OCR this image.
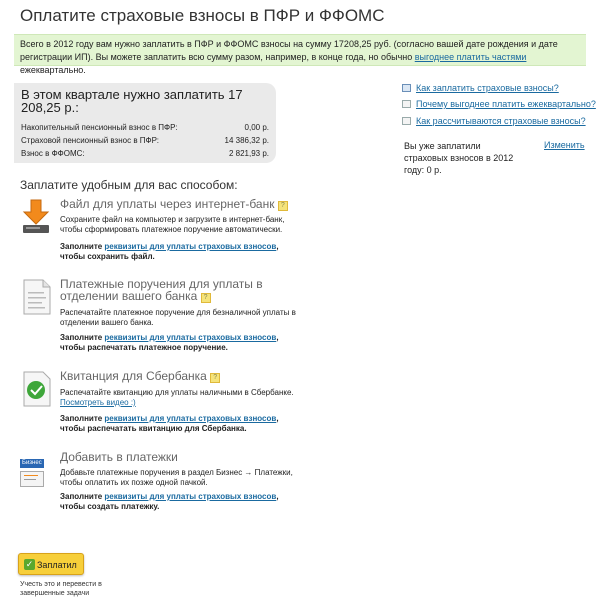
Оплатите страховые взносы в ПФР и ФФОМС
Всего в 2012 году вам нужно заплатить в ПФР и ФФОМС взносы на сумму 17208,25 руб. (согласно вашей дате рождения и дате регистрации ИП). Вы можете заплатить всю сумму разом, например, в конце года, но обычно выгоднее платить частями ежеквартально.
В этом квартале нужно заплатить 17 208,25 р.:
Накопительный пенсионный взнос в ПФР:	0,00 р.
Страховой пенсионный взнос в ПФР:	14 386,32 р.
Взнос в ФФОМС:	2 821,93 р.
Как заплатить страховые взносы?
Почему выгоднее платить ежеквартально?
Как рассчитываются страховые взносы?
Вы уже заплатили страховых взносов в 2012 году: 0 р.
Изменить
Заплатите удобным для вас способом:
Файл для уплаты через интернет-банк ?
Сохраните файл на компьютер и загрузите в интернет-банк, чтобы сформировать платежное поручение автоматически.
Заполните реквизиты для уплаты страховых взносов, чтобы сохранить файл.
Платежные поручения для уплаты в отделении вашего банка ?
Распечатайте платежное поручение для безналичной уплаты в отделении вашего банка.
Заполните реквизиты для уплаты страховых взносов, чтобы распечатать платежное поручение.
Квитанция для Сбербанка ?
Распечатайте квитанцию для уплаты наличными в Сбербанке.
Посмотреть видео :)
Заполните реквизиты для уплаты страховых взносов, чтобы распечатать квитанцию для Сбербанка.
Бизнес	Добавить в платежки
Добавьте платежные поручения в раздел Бизнес → Платежки, чтобы оплатить их позже одной пачкой.
Заполните реквизиты для уплаты страховых взносов, чтобы создать платежку.
✓ Заплатил
Учесть это и перевести в завершенные задачи
